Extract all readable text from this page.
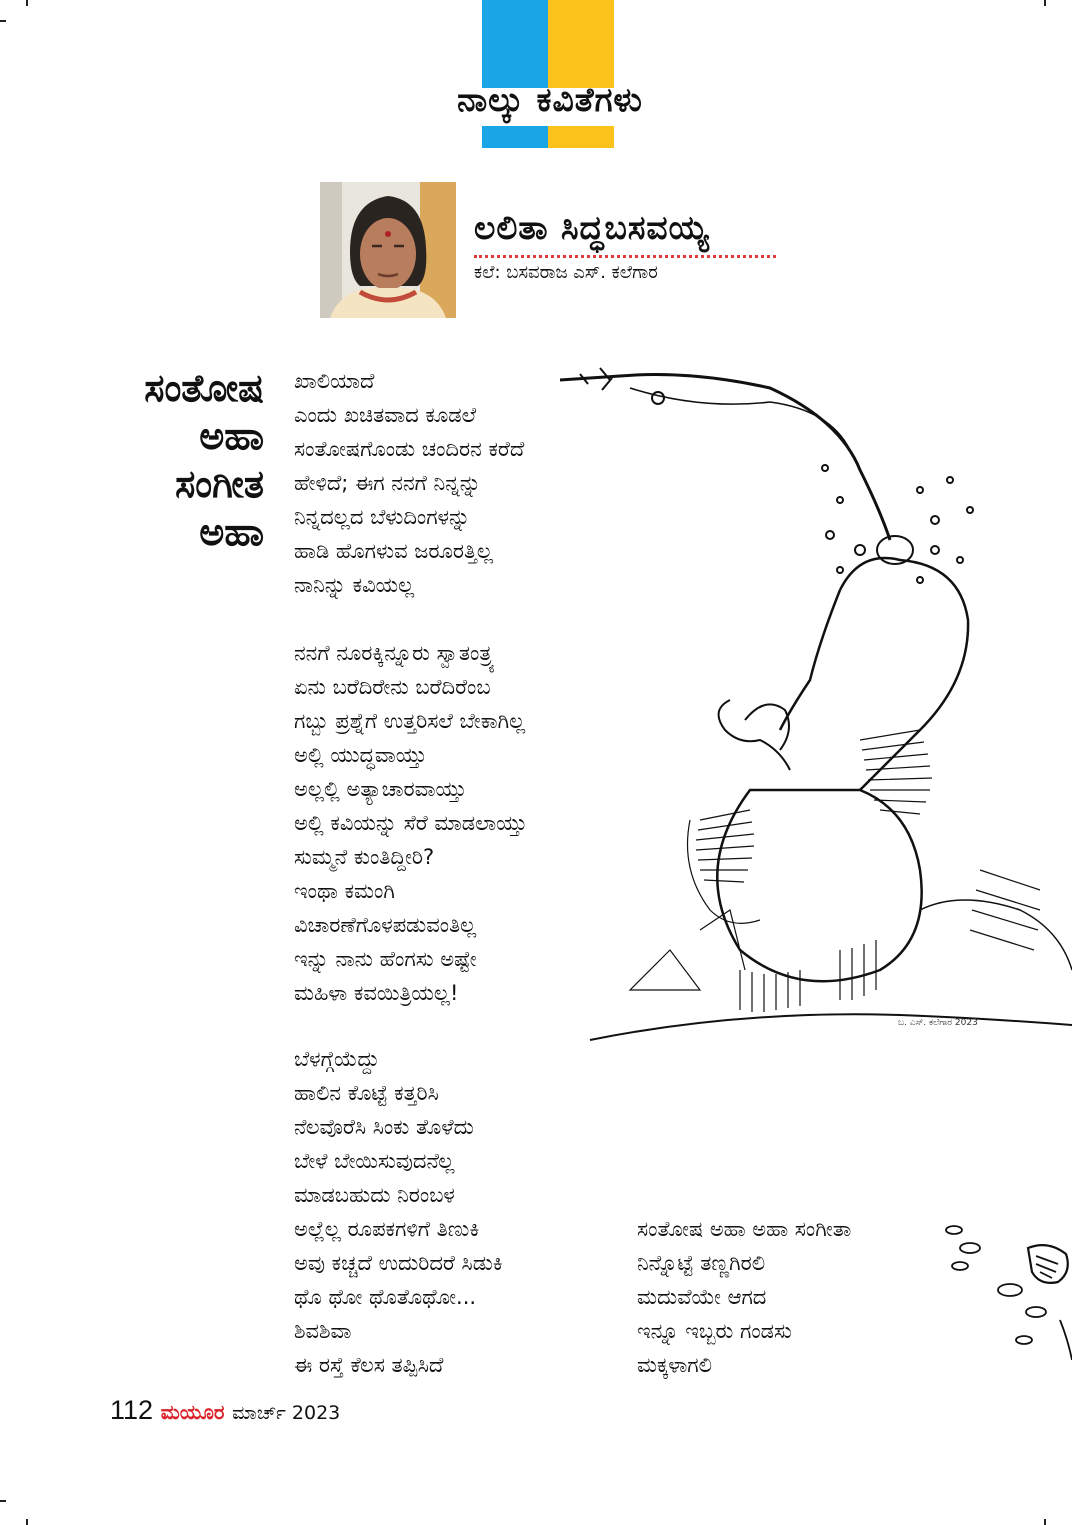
ನಾಲ್ಕು ಕವಿತೆಗಳು
ಲಲಿತಾ ಸಿದ್ಧಬಸವಯ್ಯ
ಕಲೆ: ಬಸವರಾಜ ಎಸ್. ಕಲೆಗಾರ
ಬ. ಎಸ್. ಕಲೆಗಾರ 2023
ಸಂತೋಷ
ಅಹಾ
ಸಂಗೀತ
ಅಹಾ
ಖಾಲಿಯಾದೆ
ಎಂದು ಖಚಿತವಾದ ಕೂಡಲೆ
ಸಂತೋಷಗೊಂಡು ಚಂದಿರನ ಕರೆದೆ
ಹೇಳಿದೆ; ಈಗ ನನಗೆ ನಿನ್ನನ್ನು
ನಿನ್ನದಲ್ಲದ ಬೆಳುದಿಂಗಳನ್ನು
ಹಾಡಿ ಹೊಗಳುವ ಜರೂರತ್ತಿಲ್ಲ
ನಾನಿನ್ನು ಕವಿಯಲ್ಲ
ನನಗೆ ನೂರಕ್ಕಿನ್ನೂರು ಸ್ವಾತಂತ್ರ್ಯ
ಏನು ಬರೆದಿರೇನು ಬರೆದಿರೆಂಬ
ಗಬ್ಬು ಪ್ರಶ್ನೆಗೆ ಉತ್ತರಿಸಲೆ ಬೇಕಾಗಿಲ್ಲ
ಅಲ್ಲಿ ಯುದ್ಧವಾಯ್ತು
ಅಲ್ಲಲ್ಲಿ ಅತ್ಯಾಚಾರವಾಯ್ತು
ಅಲ್ಲಿ ಕವಿಯನ್ನು ಸೆರೆ ಮಾಡಲಾಯ್ತು
ಸುಮ್ಮನೆ ಕುಂತಿದ್ದೀರಿ?
ಇಂಥಾ ಕಮಂಗಿ
ವಿಚಾರಣೆಗೊಳಪಡುವಂತಿಲ್ಲ
ಇನ್ನು ನಾನು ಹೆಂಗಸು ಅಷ್ಟೇ
ಮಹಿಳಾ ಕವಯಿತ್ರಿಯಲ್ಲ!
ಬೆಳಗ್ಗೆಯೆದ್ದು
ಹಾಲಿನ ಕೊಟ್ಟೆ ಕತ್ತರಿಸಿ
ನೆಲವೊರೆಸಿ ಸಿಂಕು ತೊಳೆದು
ಬೇಳೆ ಬೇಯಿಸುವುದನೆಲ್ಲ
ಮಾಡಬಹುದು ನಿರಂಬಳ
ಅಲ್ಲೆಲ್ಲ ರೂಪಕಗಳಿಗೆ ತಿಣುಕಿ
ಅವು ಕಚ್ಚದೆ ಉದುರಿದರೆ ಸಿಡುಕಿ
ಥೊ ಥೋ ಥೊತೊಥೋ...
ಶಿವಶಿವಾ
ಈ ರಸ್ತೆ ಕೆಲಸ ತಪ್ಪಿಸಿದೆ
ಸಂತೋಷ ಅಹಾ ಅಹಾ ಸಂಗೀತಾ
ನಿನ್ನೊಟ್ಟೆ ತಣ್ಣಗಿರಲಿ
ಮದುವೆಯೇ ಆಗದ
ಇನ್ನೂ ಇಬ್ಬರು ಗಂಡಸು
ಮಕ್ಕಳಾಗಲಿ
112 ಮಯೂರ ಮಾರ್ಚ್ 2023
